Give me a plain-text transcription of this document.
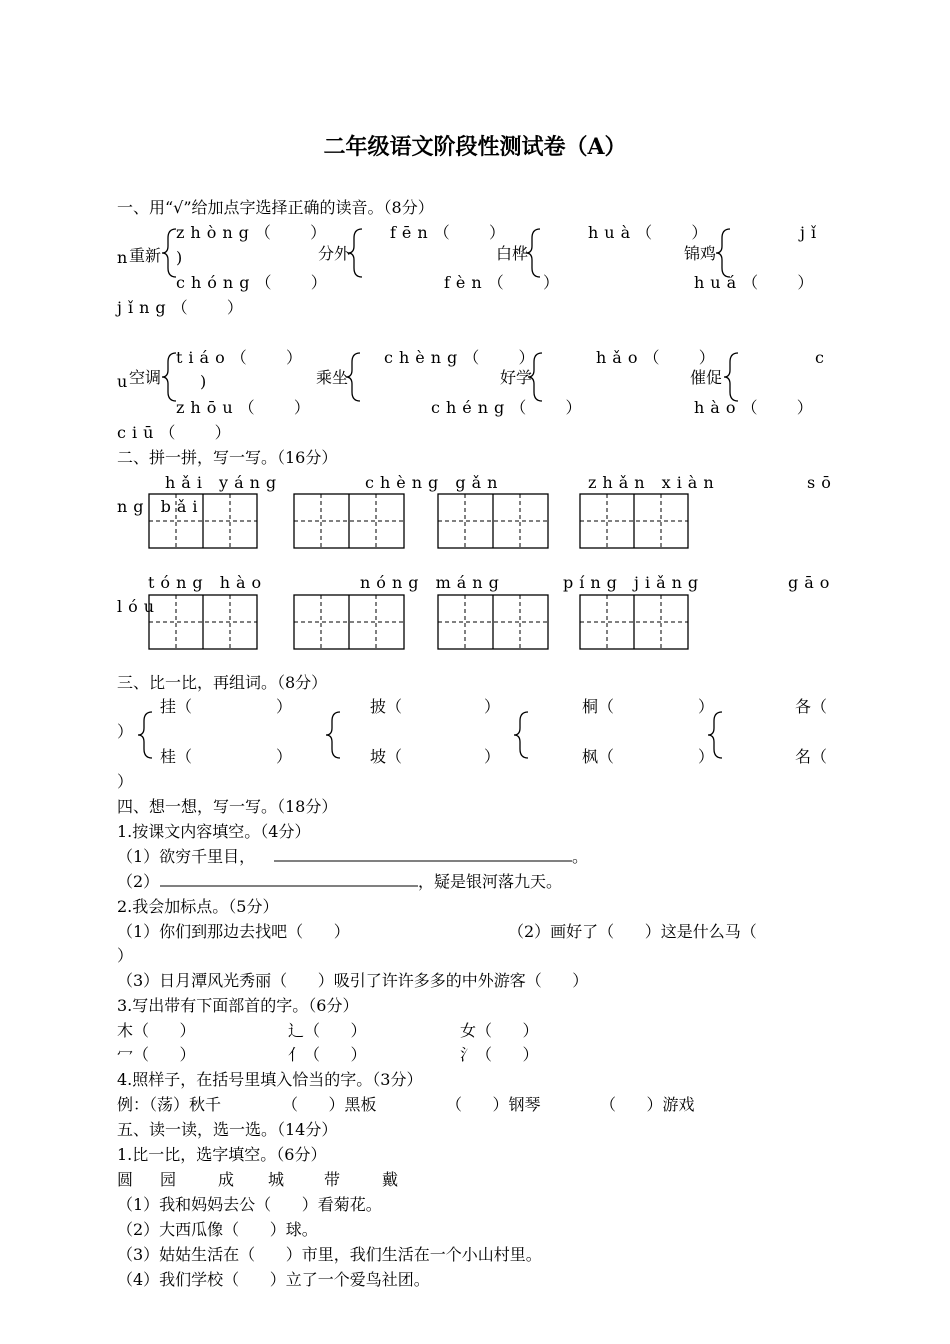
二年级语文阶段性测试卷（A）
一、用“√”给加点字选择正确的读音。（8分）
zhòng（   ）
chóng（   ）
重新
n	)
fēn（   ）
fèn（   ）
分外
huà（   ）
huá（   ）
白桦
jǐ
jǐng（   ）
锦鸡
tiáo（   ）
zhōu（   ）
空调
u	)
chèng（   ）
chéng（   ）
乘坐
hǎo（   ）
hào（   ）
好学
c
ciū（   ）
催促
二、拼一拼，写一写。（16分）
hǎi yáng	chèng gǎn	zhǎn xiàn	sō
ng bǎi
tóng hào	nóng máng	píng jiǎng	gāo
lóu
三、比一比，再组词。（8分）
挂（	）	披（	）	桐（	）	各（
）
桂（	）	坡（	）	枫（	）	名（
）
四、想一想，写一写。（18分）
1.按课文内容填空。（4分）
（1）欲穷千里目，	。
（2）	，疑是银河落九天。
2.我会加标点。（5分）
（1）你们到那边去找吧（      ）	（2）画好了（      ）这是什么马（
）
（3）日月潭风光秀丽（      ）吸引了许许多多的中外游客（      ）
3.写出带有下面部首的字。（6分）
木（      ）	辶（      ）	女（      ）
冖（      ）	亻（      ）	氵（      ）
4.照样子，在括号里填入恰当的字。（3分）
例：（荡）秋千	（      ）黑板	（      ）钢琴	（      ）游戏
五、读一读，选一选。（14分）
1.比一比，选字填空。（6分）
圆 园	成 城 带	戴
（1）我和妈妈去公（      ）看菊花。
（2）大西瓜像（      ）球。
（3）姑姑生活在（      ）市里，我们生活在一个小山村里。
（4）我们学校（      ）立了一个爱鸟社团。
